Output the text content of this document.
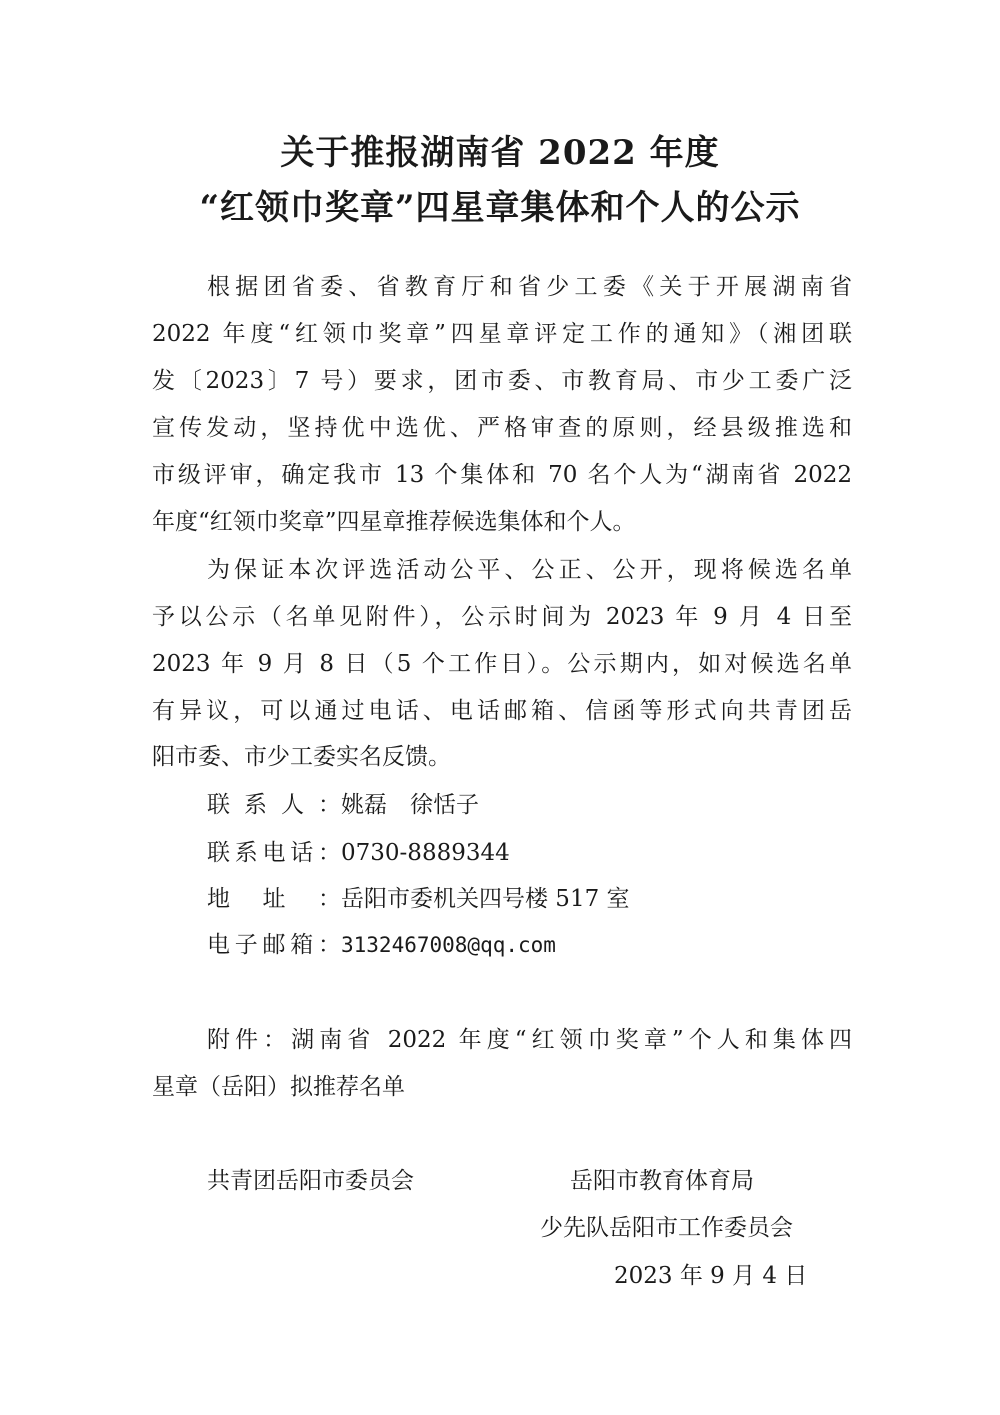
关于推报湖南省 2022 年度
“红领巾奖章”四星章集体和个人的公示
根据团省委、省教育厅和省少工委《关于开展湖南省
2022 年度“红领巾奖章”四星章评定工作的通知》（湘团联
发〔2023〕7 号）要求，团市委、市教育局、市少工委广泛
宣传发动，坚持优中选优、严格审查的原则，经县级推选和
市级评审，确定我市 13 个集体和 70 名个人为“湖南省 2022
年度“红领巾奖章”四星章推荐候选集体和个人。
为保证本次评选活动公平、公正、公开，现将候选名单
予以公示（名单见附件），公示时间为 2023 年 9 月 4 日至
2023 年 9 月 8 日（5 个工作日）。公示期内，如对候选名单
有异议，可以通过电话、电话邮箱、信函等形式向共青团岳
阳市委、市少工委实名反馈。
联系人：姚磊　徐恬子
联系电话：0730-8889344
地址：岳阳市委机关四号楼 517 室
电子邮箱：3132467008@qq.com
附件：湖南省 2022 年度“红领巾奖章”个人和集体四
星章（岳阳）拟推荐名单
共青团岳阳市委员会	岳阳市教育体育局
少先队岳阳市工作委员会
2023 年 9 月 4 日
